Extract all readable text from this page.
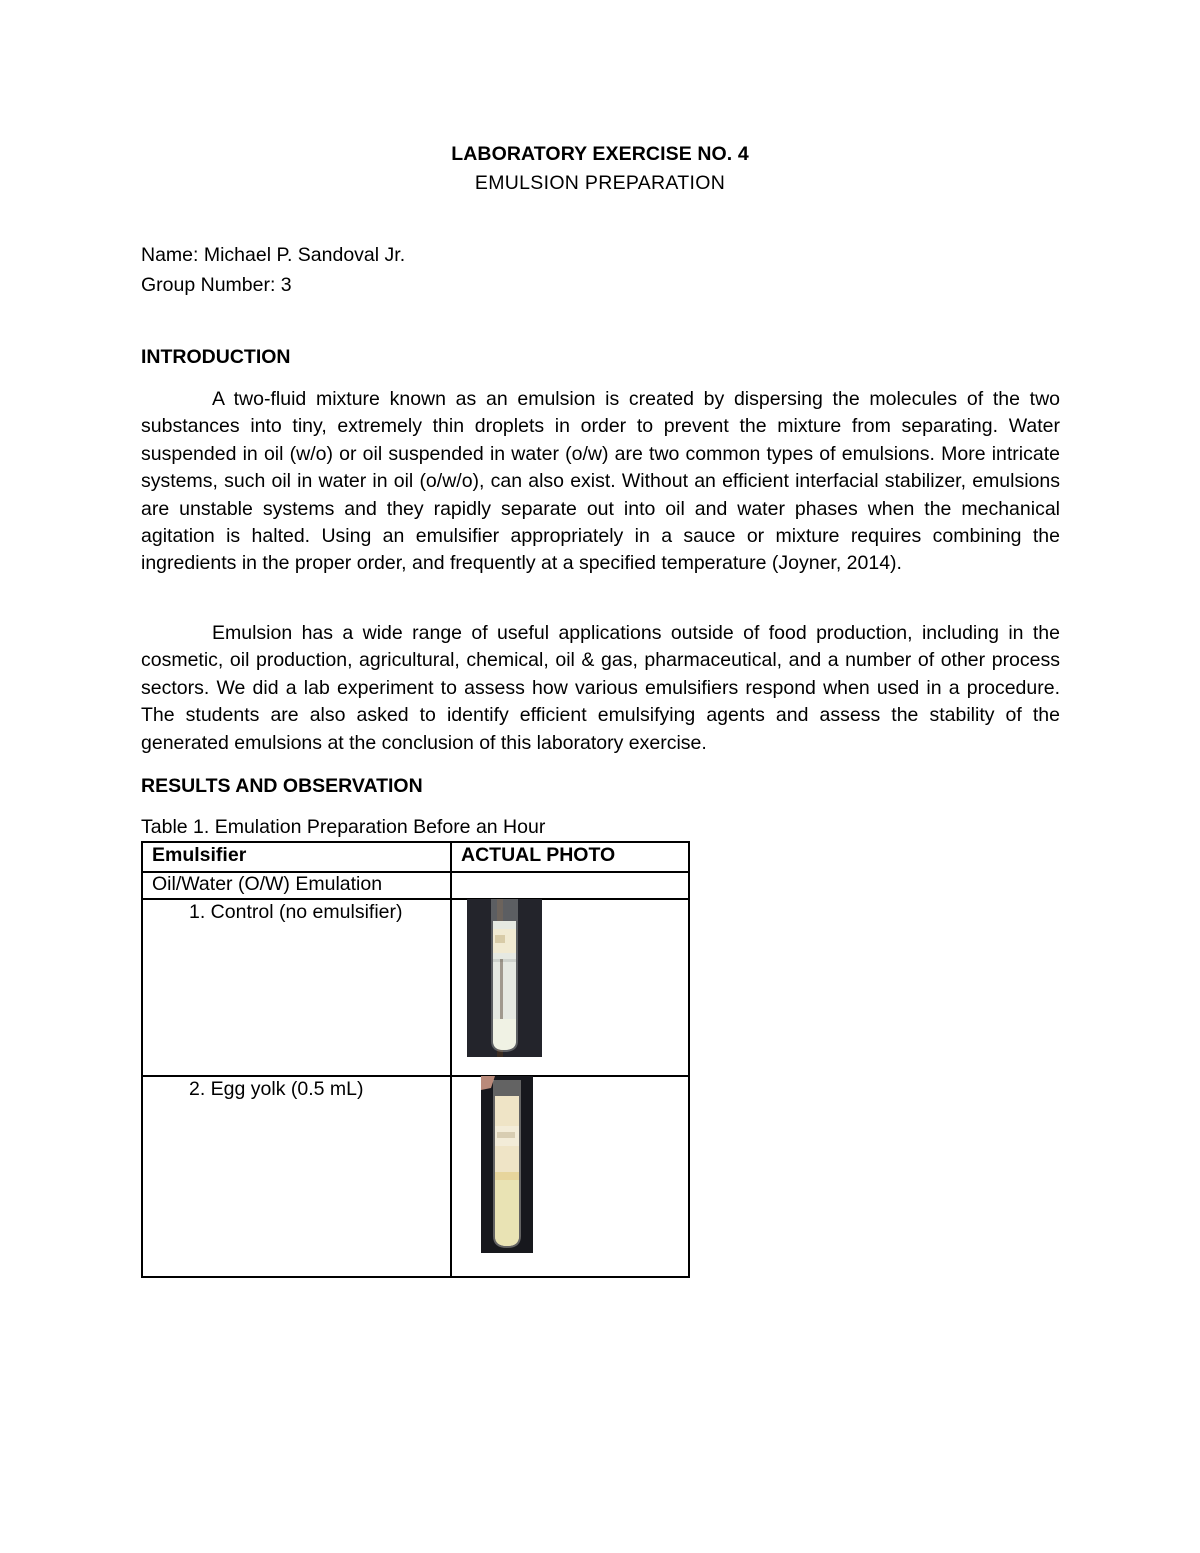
LABORATORY EXERCISE NO. 4
EMULSION PREPARATION
Name: Michael P. Sandoval Jr.
Group Number: 3
INTRODUCTION

A two-fluid mixture known as an emulsion is created by dispersing the molecules of the two substances into tiny, extremely thin droplets in order to prevent the mixture from separating. Water suspended in oil (w/o) or oil suspended in water (o/w) are two common types of emulsions. More intricate systems, such oil in water in oil (o/w/o), can also exist. Without an efficient interfacial stabilizer, emulsions are unstable systems and they rapidly separate out into oil and water phases when the mechanical agitation is halted. Using an emulsifier appropriately in a sauce or mixture requires combining the ingredients in the proper order, and frequently at a specified temperature (Joyner, 2014).

Emulsion has a wide range of useful applications outside of food production, including in the cosmetic, oil production, agricultural, chemical, oil & gas, pharmaceutical, and a number of other process sectors. We did a lab experiment to assess how various emulsifiers respond when used in a procedure. The students are also asked to identify efficient emulsifying agents and assess the stability of the generated emulsions at the conclusion of this laboratory exercise.

RESULTS AND OBSERVATION
Table 1. Emulation Preparation Before an Hour
Emulsifier	ACTUAL PHOTO
Oil/Water (O/W) Emulation	
1. Control (no emulsifier)	

2. Egg yolk (0.5 mL)	
